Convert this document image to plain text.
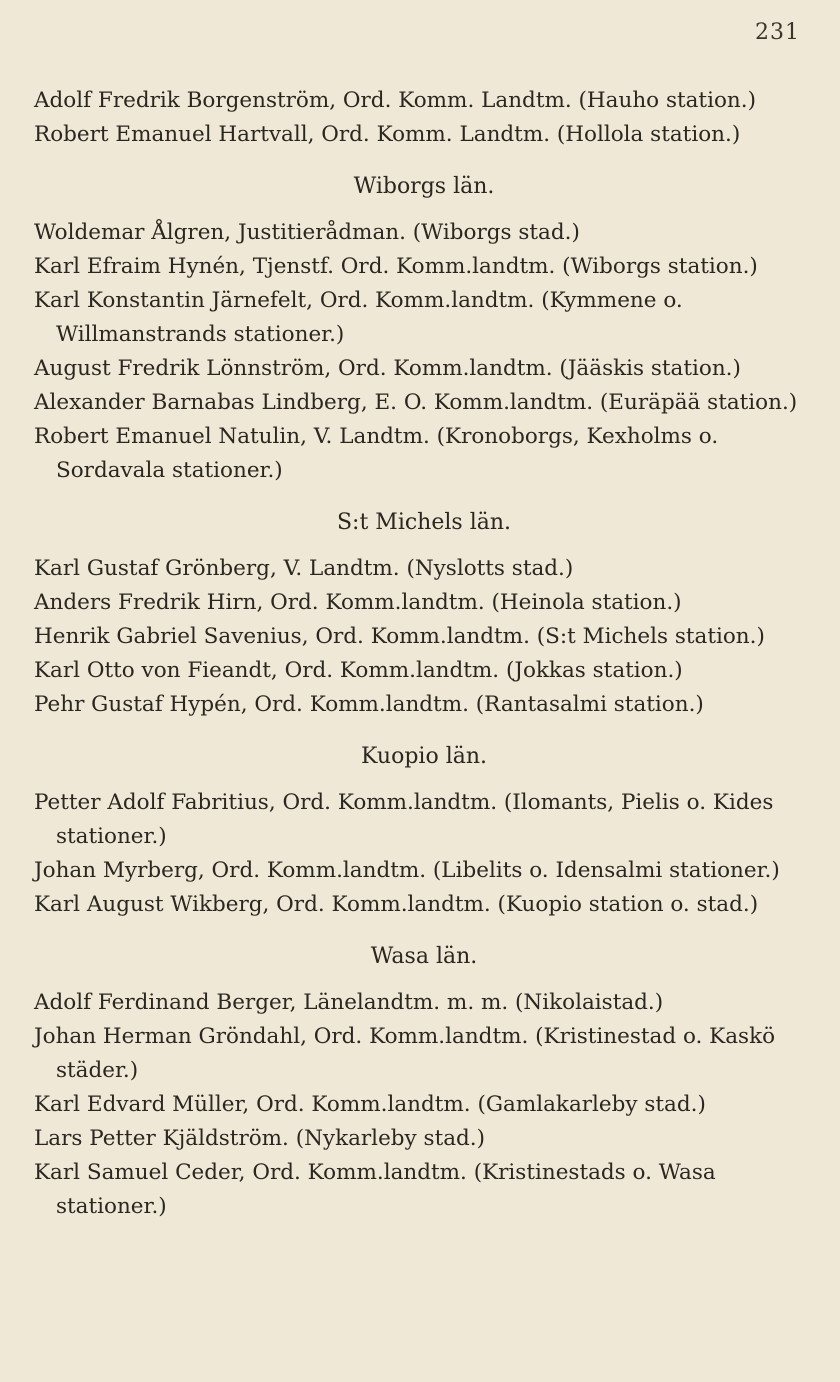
231

Adolf Fredrik Borgenström, Ord. Komm. Landtm. (Hauho station.)

Robert Emanuel Hartvall, Ord. Komm. Landtm. (Hollola station.)

Wiborgs län.

Woldemar Ålgren, Justitierådman. (Wiborgs stad.)

Karl Efraim Hynén, Tjenstf. Ord. Komm.landtm. (Wiborgs station.)

Karl Konstantin Järnefelt, Ord. Komm.landtm. (Kymmene o. Willmanstrands stationer.)

August Fredrik Lönnström, Ord. Komm.landtm. (Jääskis station.)

Alexander Barnabas Lindberg, E. O. Komm.landtm. (Euräpää station.)

Robert Emanuel Natulin, V. Landtm. (Kronoborgs, Kexholms o. Sordavala stationer.)

S:t Michels län.

Karl Gustaf Grönberg, V. Landtm. (Nyslotts stad.)

Anders Fredrik Hirn, Ord. Komm.landtm. (Heinola station.)

Henrik Gabriel Savenius, Ord. Komm.landtm. (S:t Michels station.)

Karl Otto von Fieandt, Ord. Komm.landtm. (Jokkas station.)

Pehr Gustaf Hypén, Ord. Komm.landtm. (Rantasalmi station.)

Kuopio län.

Petter Adolf Fabritius, Ord. Komm.landtm. (Ilomants, Pielis o. Kides stationer.)

Johan Myrberg, Ord. Komm.landtm. (Libelits o. Idensalmi stationer.)

Karl August Wikberg, Ord. Komm.landtm. (Kuopio station o. stad.)

Wasa län.

Adolf Ferdinand Berger, Länelandtm. m. m. (Nikolaistad.)

Johan Herman Gröndahl, Ord. Komm.landtm. (Kristinestad o. Kaskö städer.)

Karl Edvard Müller, Ord. Komm.landtm. (Gamlakarleby stad.)

Lars Petter Kjäldström. (Nykarleby stad.)

Karl Samuel Ceder, Ord. Komm.landtm. (Kristinestads o. Wasa stationer.)
